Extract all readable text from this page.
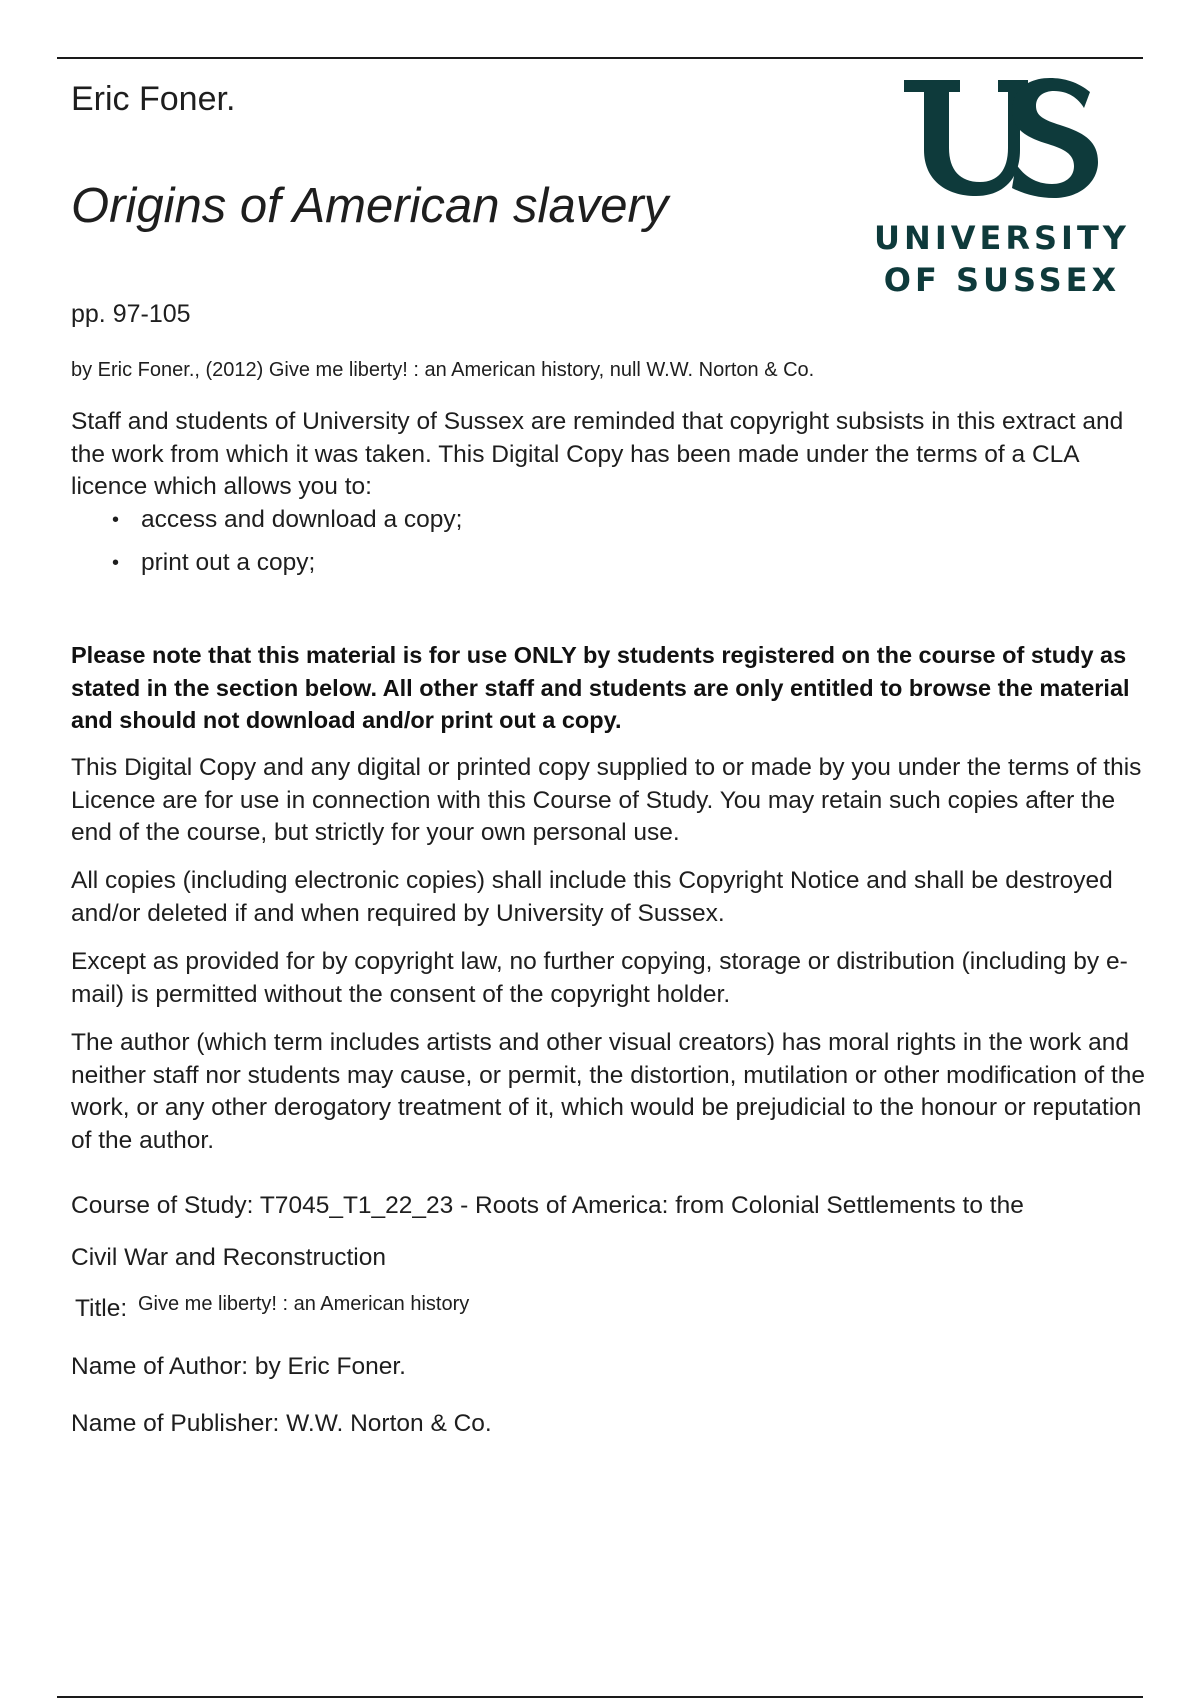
Eric Foner.
Origins of American slavery
UNIVERSITY
OF SUSSEX
pp. 97-105
by Eric Foner., (2012) Give me liberty! : an American history, null W.W. Norton & Co.
Staff and students of University of Sussex are reminded that copyright subsists in this extract and the work from which it was taken. This Digital Copy has been made under the terms of a CLA licence which allows you to:
• access and download a copy;
• print out a copy;
Please note that this material is for use ONLY by students registered on the course of study as stated in the section below. All other staff and students are only entitled to browse the material and should not download and/or print out a copy.
This Digital Copy and any digital or printed copy supplied to or made by you under the terms of this Licence are for use in connection with this Course of Study. You may retain such copies after the end of the course, but strictly for your own personal use.
All copies (including electronic copies) shall include this Copyright Notice and shall be destroyed and/or deleted if and when required by University of Sussex.
Except as provided for by copyright law, no further copying, storage or distribution (including by e-mail) is permitted without the consent of the copyright holder.
The author (which term includes artists and other visual creators) has moral rights in the work and neither staff nor students may cause, or permit, the distortion, mutilation or other modification of the work, or any other derogatory treatment of it, which would be prejudicial to the honour or reputation of the author.
Course of Study: T7045_T1_22_23 - Roots of America: from Colonial Settlements to the
Civil War and Reconstruction
Title: $^{Give me liberty! : an American history}$
Name of Author: by Eric Foner.
Name of Publisher: W.W. Norton & Co.
